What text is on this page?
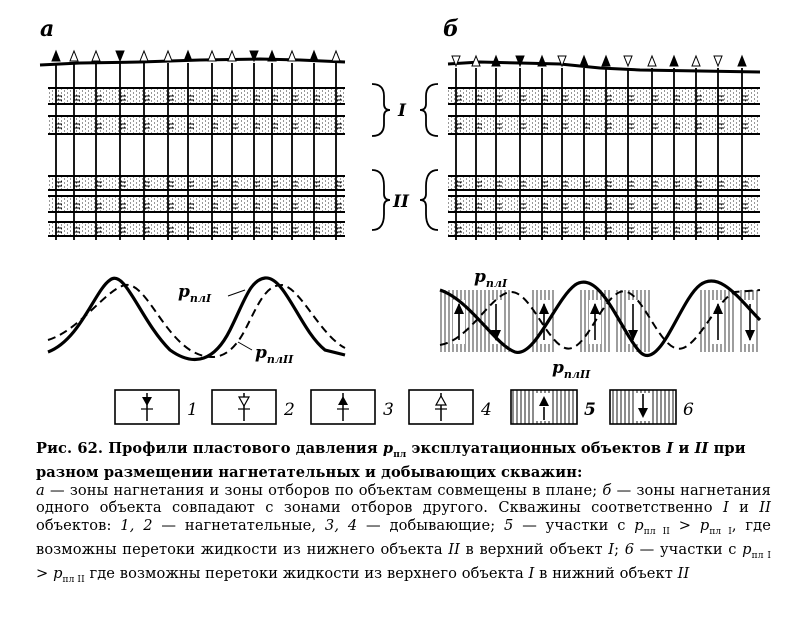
а	б
I
II
$p_{плI}$
$p_{плII}$
$p_{плI}$
$p_{плII}$
1	2	3	4	5	6
Рис. 62. Профили пластового давления $p_{пл}$ эксплуатационных объектов I и II при разном размещении нагнетательных и добывающих скважин:
а — зоны нагнетания и зоны отборов по объектам совмещены в плане; б — зоны нагнетания одного объекта совпадают с зонами отборов другого. Скважины соответственно I и II объектов: 1, 2 — нагнетательные, 3, 4 — добывающие; 5 — участки с $p_{пл II} > p_{пл I}$, где возможны перетоки жидкости из нижнего объекта II в верхний объект I; 6 — участки с $p_{пл I} > p_{пл II}$ где возможны перетоки жидкости из верхнего объекта I в нижний объект II
